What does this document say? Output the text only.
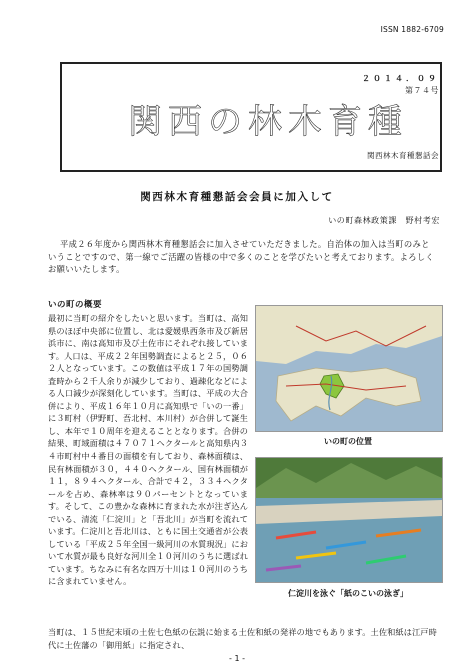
ISSN 1882-6709
２０１４．０９
第７４号
関西の林木育種
関西林木育種懇話会
関西林木育種懇話会会員に加入して
いの町森林政策課　野村考宏

平成２６年度から関西林木育種懇話会に加入させていただきました。自治体の加入は当町のみということですので、第一線でご活躍の皆様の中で多くのことを学びたいと考えております。よろしくお願いいたします。

いの町の概要

最初に当町の紹介をしたいと思います。当町は、高知県のほぼ中央部に位置し、北は愛媛県西条市及び新居浜市に、南は高知市及び土佐市にそれぞれ接しています。人口は、平成２２年国勢調査によると２５，０６２人となっています。この数値は平成１７年の国勢調査時から２千人余りが減少しており、過疎化などによる人口減少が深刻化しています。当町は、平成の大合併により、平成１６年１０月に高知県で「いの一番」に３町村（伊野町、吾北村、本川村）が合併して誕生し、本年で１０周年を迎えることとなります。合併の結果、町域面積は４７０７１ヘクタールと高知県内３４市町村中４番目の面積を有しており、森林面積は、民有林面積が３０，４４０ヘクタール、国有林面積が１１，８９４ヘクタール、合計で４２，３３４ヘクタールを占め、森林率は９０パーセントとなっています。そして、この豊かな森林に育まれた水が注ぎ込んでいる、清流「仁淀川」と「吾北川」が当町を流れています。仁淀川と吾北川は、ともに国土交通省が公表している「平成２５年全国一級河川の水質現況」において水質が最も良好な河川全１０河川のうちに選ばれています。ちなみに有名な四万十川は１０河川のうちに含まれていません。

いの町の位置
仁淀川を泳ぐ「紙のこいの泳ぎ」

当町は、１５世紀末頃の土佐七色紙の伝説に始まる土佐和紙の発祥の地でもあります。土佐和紙は江戸時代に土佐藩の「御用紙」に指定され、

- 1 -
